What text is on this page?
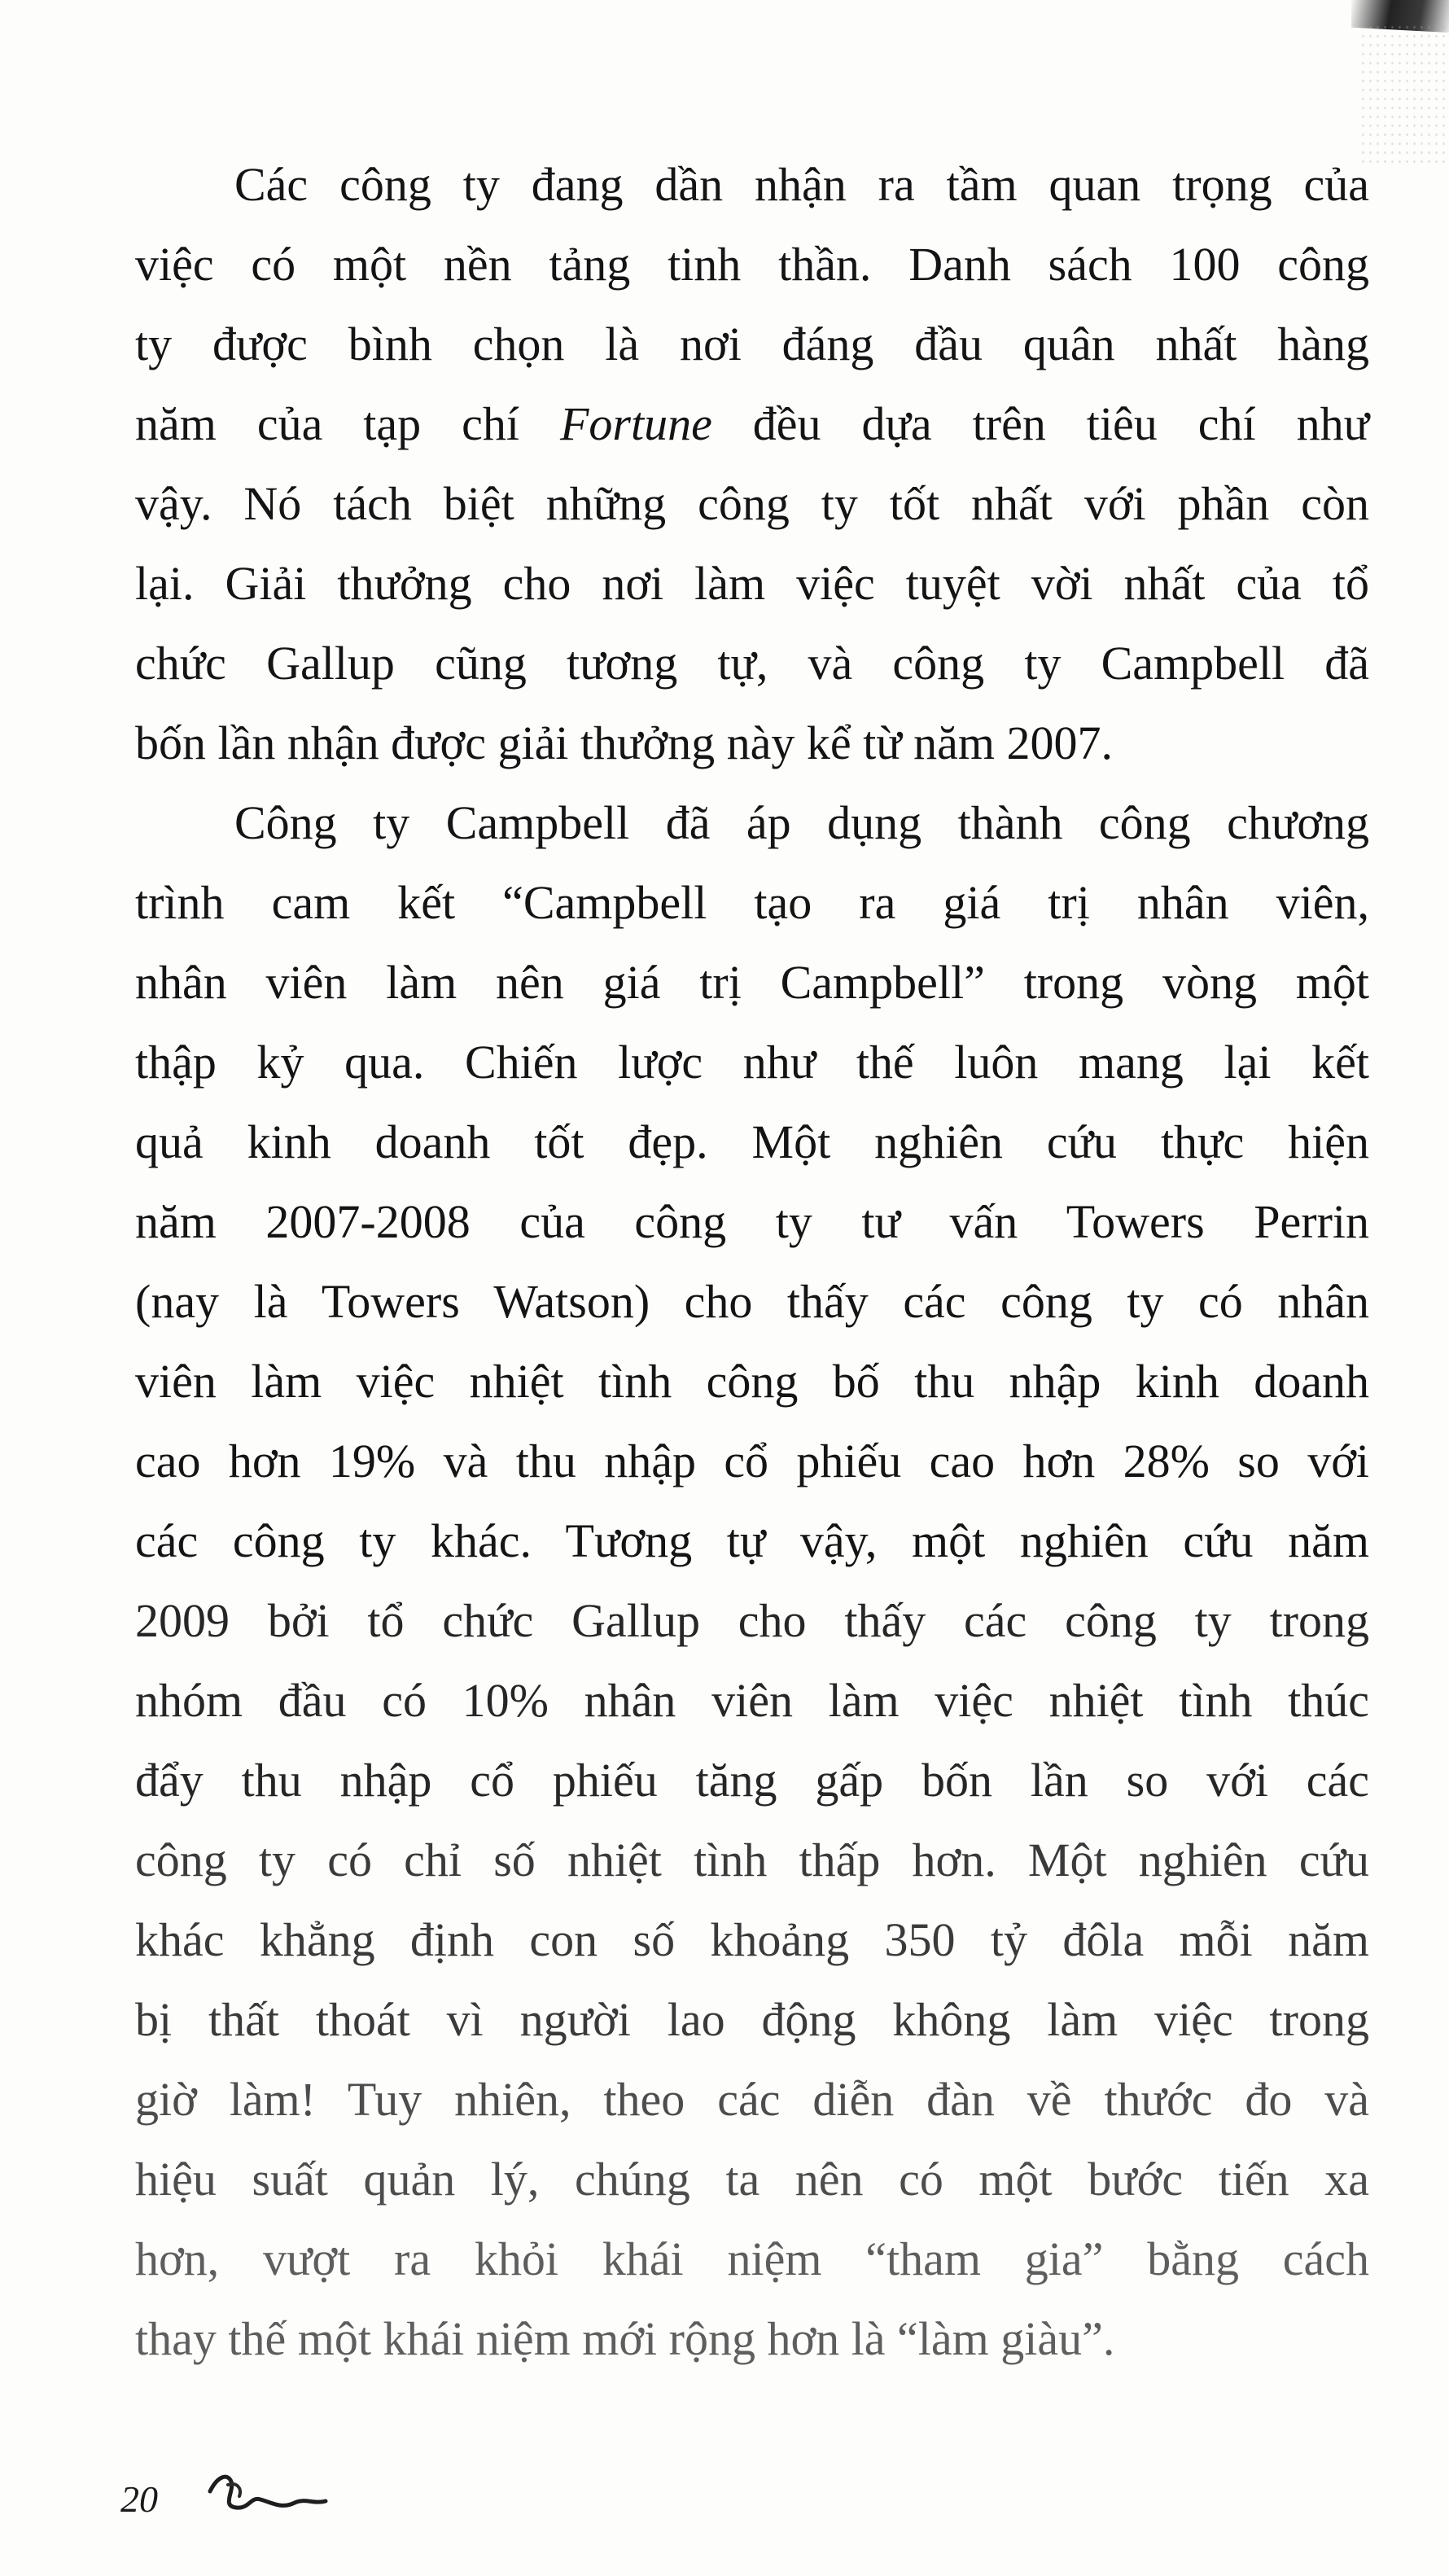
Các công ty đang dần nhận ra tầm quan trọng của
việc có một nền tảng tinh thần. Danh sách 100 công
ty được bình chọn là nơi đáng đầu quân nhất hàng
năm của tạp chí Fortune đều dựa trên tiêu chí như
vậy. Nó tách biệt những công ty tốt nhất với phần còn
lại. Giải thưởng cho nơi làm việc tuyệt vời nhất của tổ
chức Gallup cũng tương tự, và công ty Campbell đã
bốn lần nhận được giải thưởng này kể từ năm 2007.
Công ty Campbell đã áp dụng thành công chương
trình cam kết “Campbell tạo ra giá trị nhân viên,
nhân viên làm nên giá trị Campbell” trong vòng một
thập kỷ qua. Chiến lược như thế luôn mang lại kết
quả kinh doanh tốt đẹp. Một nghiên cứu thực hiện
năm 2007-2008 của công ty tư vấn Towers Perrin
(nay là Towers Watson) cho thấy các công ty có nhân
viên làm việc nhiệt tình công bố thu nhập kinh doanh
cao hơn 19% và thu nhập cổ phiếu cao hơn 28% so với
các công ty khác. Tương tự vậy, một nghiên cứu năm
2009 bởi tổ chức Gallup cho thấy các công ty trong
nhóm đầu có 10% nhân viên làm việc nhiệt tình thúc
đẩy thu nhập cổ phiếu tăng gấp bốn lần so với các
công ty có chỉ số nhiệt tình thấp hơn. Một nghiên cứu
khác khẳng định con số khoảng 350 tỷ đôla mỗi năm
bị thất thoát vì người lao động không làm việc trong
giờ làm! Tuy nhiên, theo các diễn đàn về thước đo và
hiệu suất quản lý, chúng ta nên có một bước tiến xa
hơn, vượt ra khỏi khái niệm “tham gia” bằng cách
thay thế một khái niệm mới rộng hơn là “làm giàu”.
20
